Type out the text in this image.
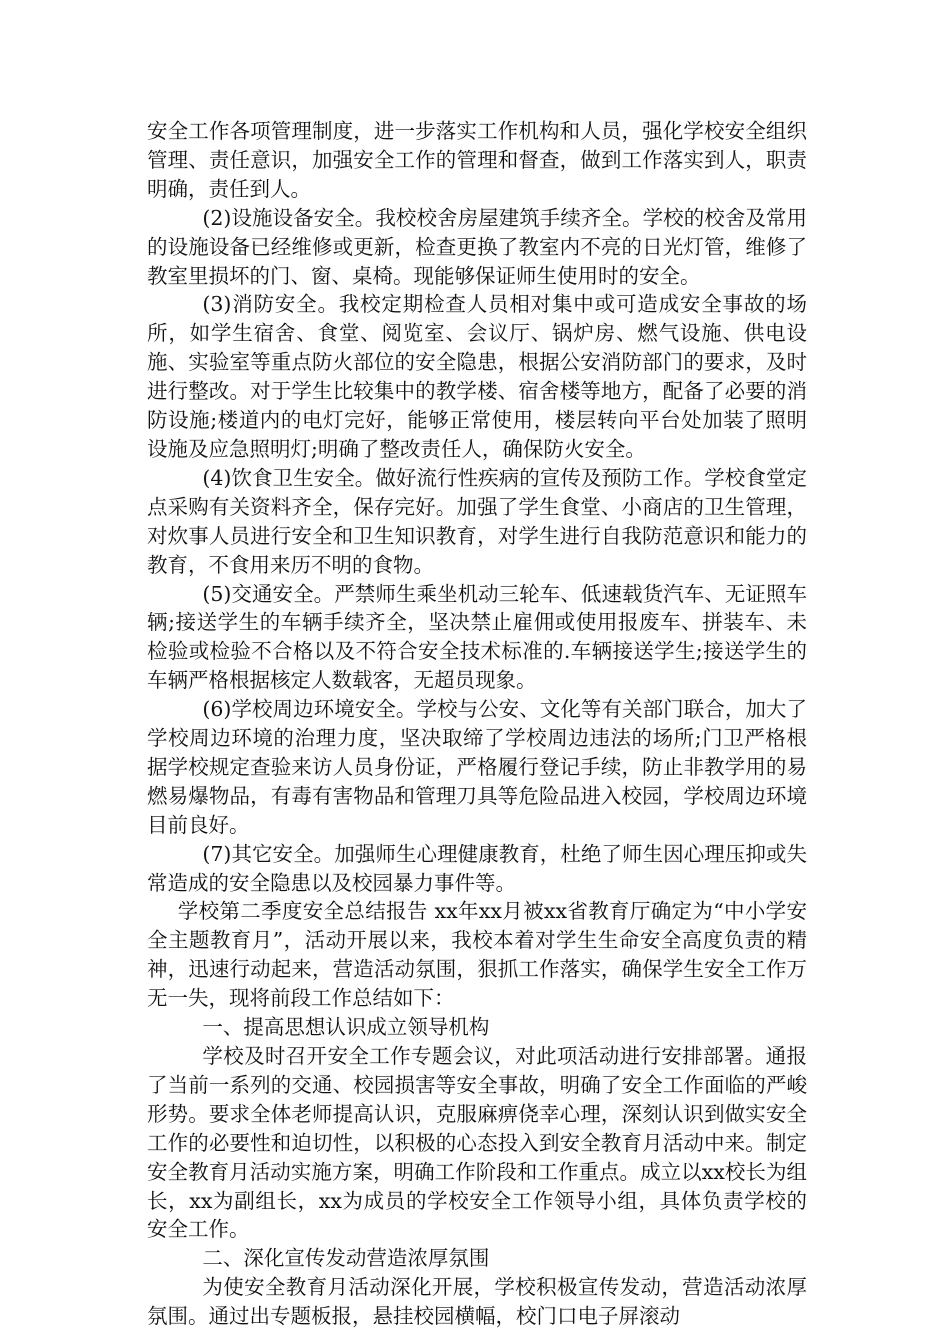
安全工作各项管理制度，进一步落实工作机构和人员，强化学校安全组织管理、责任意识，加强安全工作的管理和督查，做到工作落实到人，职责明确，责任到人。

(2)设施设备安全。我校校舍房屋建筑手续齐全。学校的校舍及常用的设施设备已经维修或更新，检查更换了教室内不亮的日光灯管，维修了教室里损坏的门、窗、桌椅。现能够保证师生使用时的安全。

(3)消防安全。我校定期检查人员相对集中或可造成安全事故的场所，如学生宿舍、食堂、阅览室、会议厅、锅炉房、燃气设施、供电设施、实验室等重点防火部位的安全隐患，根据公安消防部门的要求，及时进行整改。对于学生比较集中的教学楼、宿舍楼等地方，配备了必要的消防设施;楼道内的电灯完好，能够正常使用，楼层转向平台处加装了照明设施及应急照明灯;明确了整改责任人，确保防火安全。

(4)饮食卫生安全。做好流行性疾病的宣传及预防工作。学校食堂定点采购有关资料齐全，保存完好。加强了学生食堂、小商店的卫生管理，对炊事人员进行安全和卫生知识教育，对学生进行自我防范意识和能力的教育，不食用来历不明的食物。

(5)交通安全。严禁师生乘坐机动三轮车、低速载货汽车、无证照车辆;接送学生的车辆手续齐全，坚决禁止雇佣或使用报废车、拼装车、未检验或检验不合格以及不符合安全技术标准的.车辆接送学生;接送学生的车辆严格根据核定人数载客，无超员现象。

(6)学校周边环境安全。学校与公安、文化等有关部门联合，加大了学校周边环境的治理力度，坚决取缔了学校周边违法的场所;门卫严格根据学校规定查验来访人员身份证，严格履行登记手续，防止非教学用的易燃易爆物品，有毒有害物品和管理刀具等危险品进入校园，学校周边环境目前良好。

(7)其它安全。加强师生心理健康教育，杜绝了师生因心理压抑或失常造成的安全隐患以及校园暴力事件等。

学校第二季度安全总结报告 xx年xx月被xx省教育厅确定为“中小学安全主题教育月”，活动开展以来，我校本着对学生生命安全高度负责的精神，迅速行动起来，营造活动氛围，狠抓工作落实，确保学生安全工作万无一失，现将前段工作总结如下：

一、提高思想认识成立领导机构

学校及时召开安全工作专题会议，对此项活动进行安排部署。通报了当前一系列的交通、校园损害等安全事故，明确了安全工作面临的严峻形势。要求全体老师提高认识，克服麻痹侥幸心理，深刻认识到做实安全工作的必要性和迫切性，以积极的心态投入到安全教育月活动中来。制定安全教育月活动实施方案，明确工作阶段和工作重点。成立以xx校长为组长，xx为副组长，xx为成员的学校安全工作领导小组，具体负责学校的安全工作。

二、深化宣传发动营造浓厚氛围

为使安全教育月活动深化开展，学校积极宣传发动，营造活动浓厚氛围。通过出专题板报，悬挂校园横幅，校门口电子屏滚动
